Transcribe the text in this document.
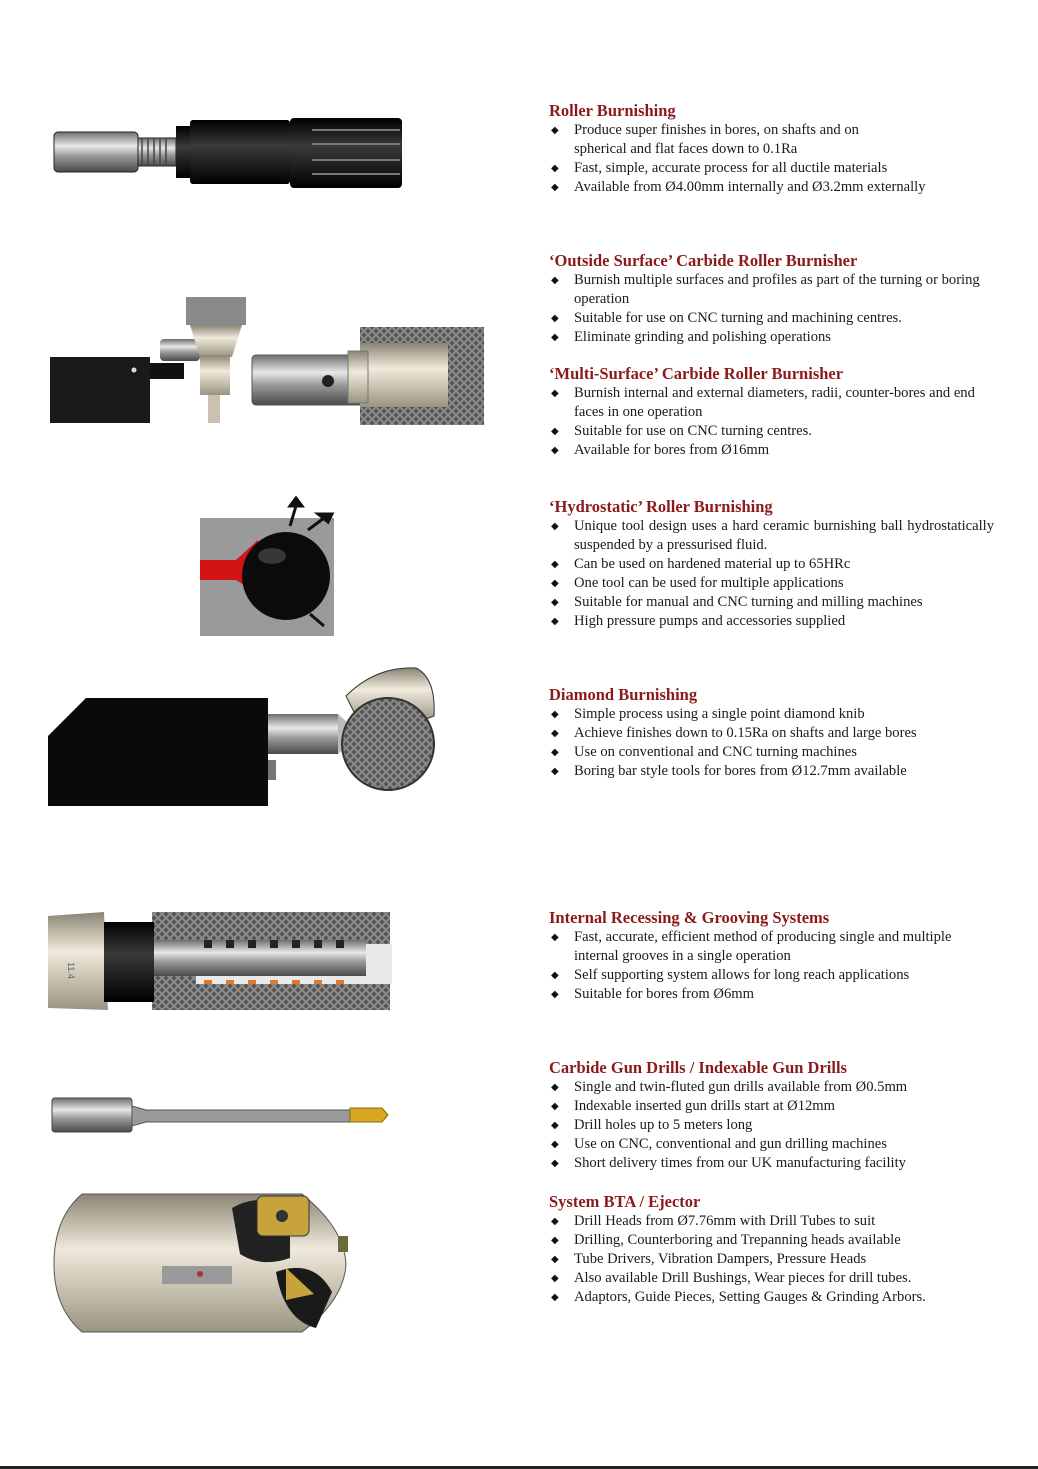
11.4
Roller Burnishing
◆ Produce super finishes in bores, on shafts and on spherical and flat faces down to 0.1Ra
◆ Fast, simple, accurate process for all ductile materials
◆ Available from Ø4.00mm internally and Ø3.2mm externally
‘Outside Surface’ Carbide Roller Burnisher
◆ Burnish multiple surfaces and profiles as part of the turning or boring operation
◆ Suitable for use on CNC turning and machining centres.
◆ Eliminate grinding and polishing operations
‘Multi-Surface’ Carbide Roller Burnisher
◆ Burnish internal and external diameters, radii, counter-bores and end faces in one operation
◆ Suitable for use on CNC turning centres.
◆ Available for bores from Ø16mm
‘Hydrostatic’ Roller Burnishing
◆ Unique tool design uses a hard ceramic burnishing ball hydrostatically suspended by a pressurised fluid.
◆ Can be used on hardened material up to 65HRc
◆ One tool can be used for multiple applications
◆ Suitable for manual and CNC turning and milling machines
◆ High pressure pumps and accessories supplied
Diamond Burnishing
◆ Simple process using a single point diamond knib
◆ Achieve finishes down to 0.15Ra on shafts and large bores
◆ Use on conventional and CNC turning machines
◆ Boring bar style tools for bores from Ø12.7mm available
Internal Recessing & Grooving Systems
◆ Fast, accurate, efficient method of producing single and multiple internal grooves in a single operation
◆ Self supporting system allows for long reach applications
◆ Suitable for bores from Ø6mm
Carbide Gun Drills / Indexable Gun Drills
◆ Single and twin-fluted gun drills available from Ø0.5mm
◆ Indexable inserted gun drills start at Ø12mm
◆ Drill holes up to 5 meters long
◆ Use on CNC, conventional and gun drilling machines
◆ Short delivery times from our UK manufacturing facility
System BTA / Ejector
◆ Drill Heads from Ø7.76mm with Drill Tubes to suit
◆ Drilling, Counterboring and Trepanning heads available
◆ Tube Drivers, Vibration Dampers, Pressure Heads
◆ Also available Drill Bushings, Wear pieces for drill tubes.
◆ Adaptors, Guide Pieces, Setting Gauges & Grinding Arbors.
